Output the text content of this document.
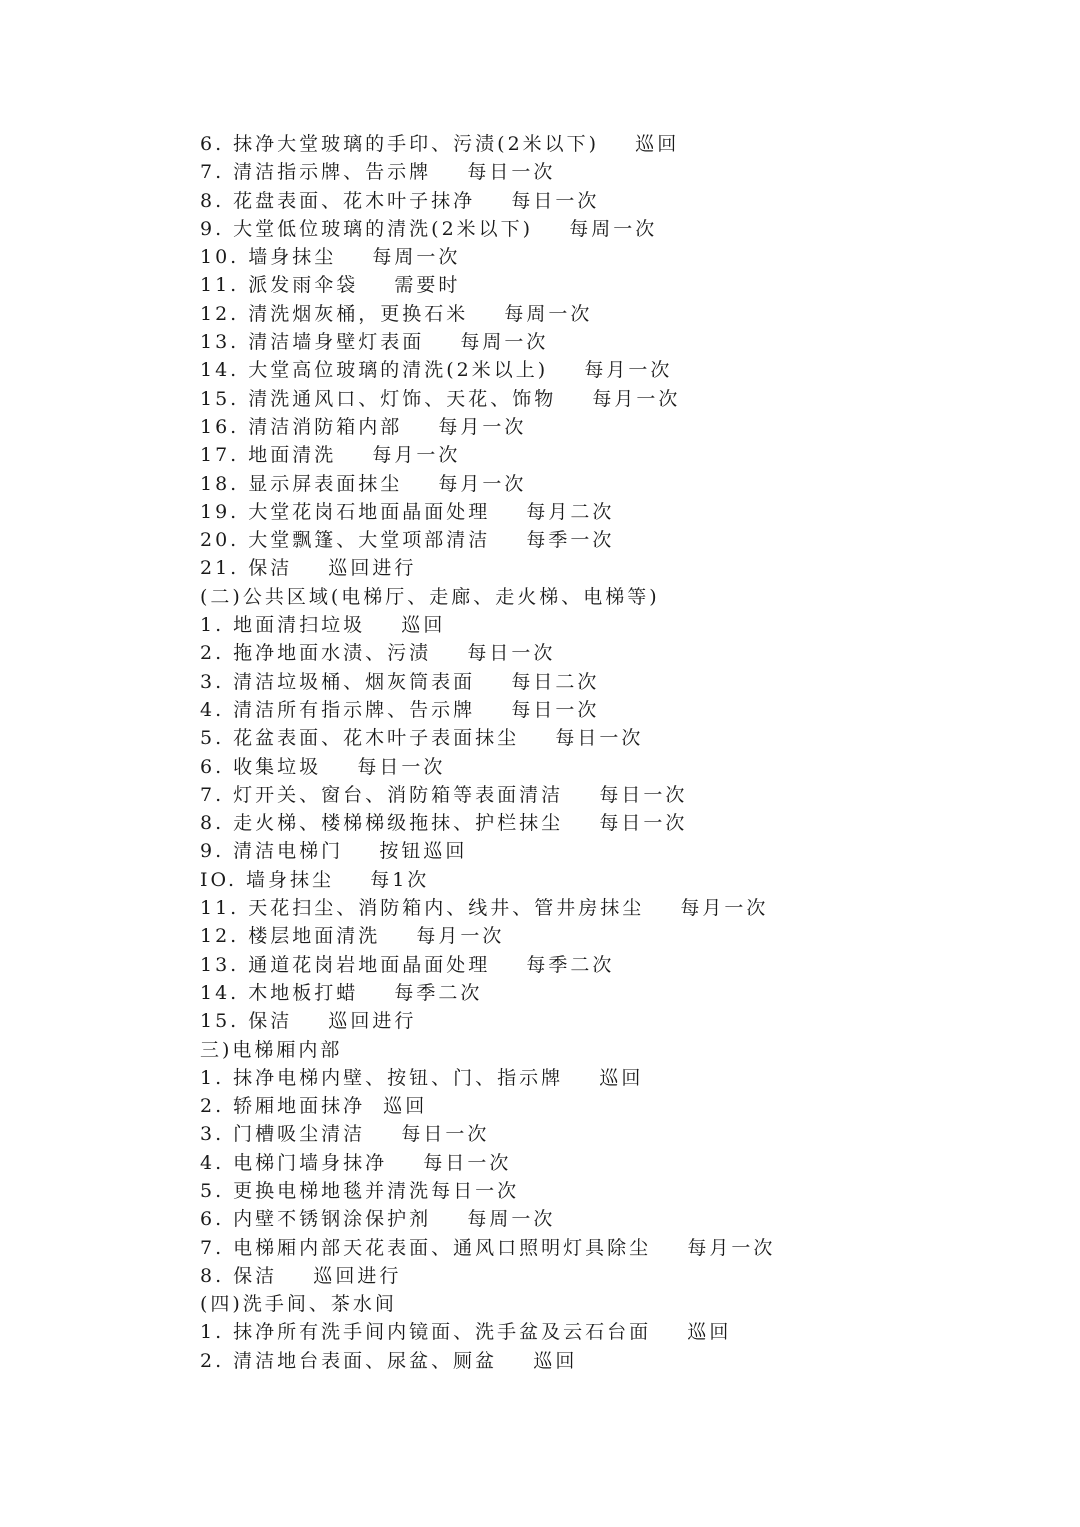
6. 抹净大堂玻璃的手印、污渍(2米以下)    巡回
7. 清洁指示牌、告示牌    每日一次
8. 花盘表面、花木叶子抹净    每日一次
9. 大堂低位玻璃的清洗(2米以下)    每周一次
10. 墙身抹尘    每周一次
11. 派发雨伞袋    需要时
12. 清洗烟灰桶，更换石米    每周一次
13. 清洁墙身壁灯表面    每周一次
14. 大堂高位玻璃的清洗(2米以上)    每月一次
15. 清洗通风口、灯饰、天花、饰物    每月一次
16. 清洁消防箱内部    每月一次
17. 地面清洗    每月一次
18. 显示屏表面抹尘    每月一次
19. 大堂花岗石地面晶面处理    每月二次
20. 大堂飘篷、大堂项部清洁    每季一次
21. 保洁    巡回进行
(二)公共区域(电梯厅、走廊、走火梯、电梯等)
1. 地面清扫垃圾    巡回
2. 拖净地面水渍、污渍    每日一次
3. 清洁垃圾桶、烟灰筒表面    每日二次
4. 清洁所有指示牌、告示牌    每日一次
5. 花盆表面、花木叶子表面抹尘    每日一次
6. 收集垃圾    每日一次
7. 灯开关、窗台、消防箱等表面清洁    每日一次
8. 走火梯、楼梯梯级拖抹、护栏抹尘    每日一次
9. 清洁电梯门    按钮巡回
IO. 墙身抹尘    每1次
11. 天花扫尘、消防箱内、线井、管井房抹尘    每月一次
12. 楼层地面清洗    每月一次
13. 通道花岗岩地面晶面处理    每季二次
14. 木地板打蜡    每季二次
15. 保洁    巡回进行
三)电梯厢内部
1. 抹净电梯内壁、按钮、门、指示牌    巡回
2. 轿厢地面抹净  巡回
3. 门槽吸尘清洁    每日一次
4. 电梯门墙身抹净    每日一次
5. 更换电梯地毯并清洗每日一次
6. 内壁不锈钢涂保护剂    每周一次
7. 电梯厢内部天花表面、通风口照明灯具除尘    每月一次
8. 保洁    巡回进行
(四)洗手间、茶水间
1. 抹净所有洗手间内镜面、洗手盆及云石台面    巡回
2. 清洁地台表面、尿盆、厕盆    巡回
